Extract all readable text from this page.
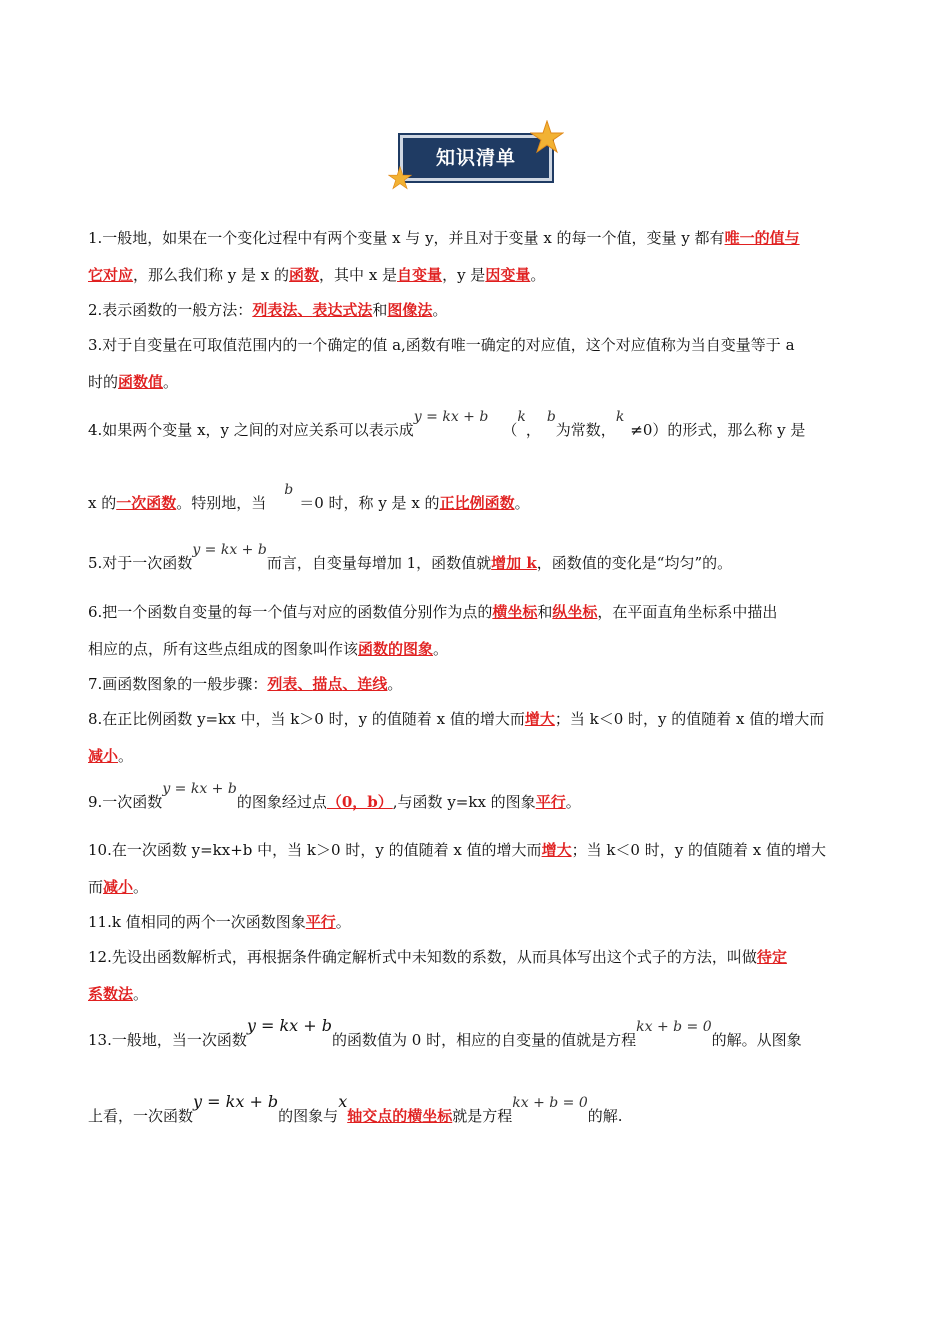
知识清单
1.一般地，如果在一个变化过程中有两个变量 x 与 y，并且对于变量 x 的每一个值，变量 y 都有唯一的值与
它对应，那么我们称 y 是 x 的函数，其中 x 是自变量，y 是因变量。
2.表示函数的一般方法：列表法、表达式法和图像法。
3.对于自变量在可取值范围内的一个确定的值 a,函数有唯一确定的对应值，这个对应值称为当自变量等于 a
时的函数值。
4.如果两个变量 x，y 之间的对应关系可以表示成y = kx + b（k，b为常数，k≠0）的形式，那么称 y 是
x 的一次函数。特别地，当b＝0 时，称 y 是 x 的正比例函数。
5.对于一次函数y = kx + b而言，自变量每增加 1，函数值就增加 k，函数值的变化是“均匀”的。
6.把一个函数自变量的每一个值与对应的函数值分别作为点的横坐标和纵坐标，在平面直角坐标系中描出
相应的点，所有这些点组成的图象叫作该函数的图象。
7.画函数图象的一般步骤：列表、描点、连线。
8.在正比例函数 y=kx 中，当 k＞0 时，y 的值随着 x 值的增大而增大；当 k＜0 时，y 的值随着 x 值的增大而
减小。
9.一次函数y = kx + b的图象经过点（0，b）,与函数 y=kx 的图象平行。
10.在一次函数 y=kx+b 中，当 k＞0 时，y 的值随着 x 值的增大而增大；当 k＜0 时，y 的值随着 x 值的增大
而减小。
11.k 值相同的两个一次函数图象平行。
12.先设出函数解析式，再根据条件确定解析式中未知数的系数，从而具体写出这个式子的方法，叫做待定
系数法。
13.一般地，当一次函数y = kx + b的函数值为 0 时，相应的自变量的值就是方程kx + b = 0的解。从图象
上看，一次函数y = kx + b的图象与x轴交点的横坐标就是方程kx + b = 0的解.
